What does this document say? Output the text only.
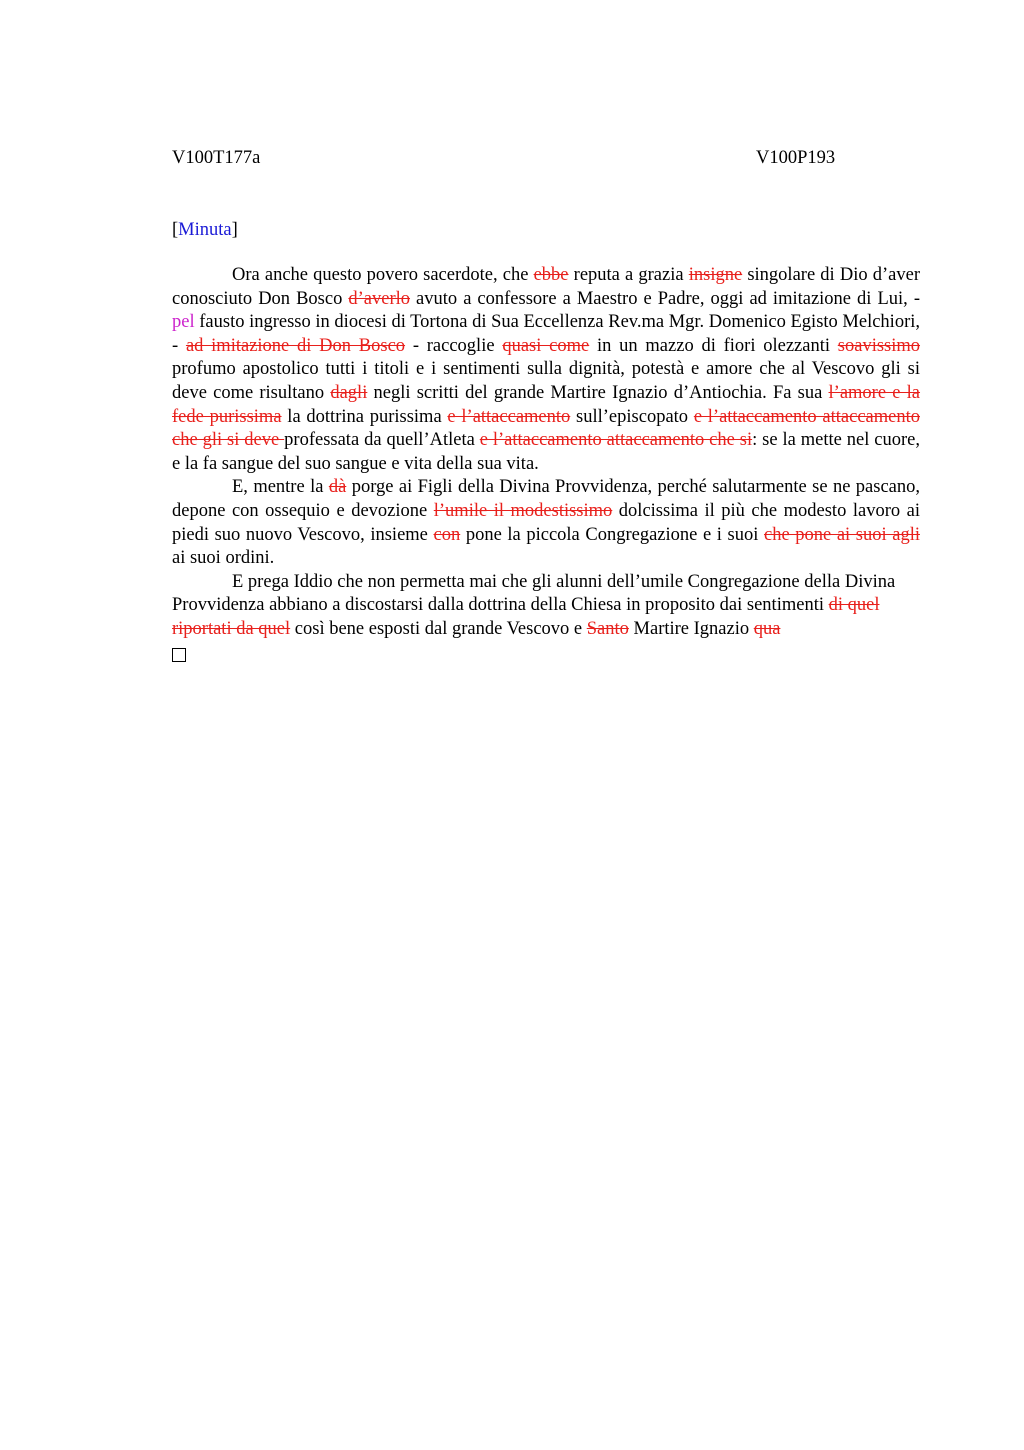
V100T177a	V100P193
[Minuta]

Ora anche questo povero sacerdote, che ebbe reputa a grazia insigne singolare di Dio d’aver conosciuto Don Bosco d’averlo avuto a confessore a Maestro e Padre, oggi ad imitazione di Lui, - pel fausto ingresso in diocesi di Tortona di Sua Eccellenza Rev.ma Mgr. Domenico Egisto Melchiori, - ad imitazione di Don Bosco - raccoglie quasi come in un mazzo di fiori olezzanti soavissimo profumo apostolico tutti i titoli e i sentimenti sulla dignità, potestà e amore che al Vescovo gli si deve come risultano dagli negli scritti del grande Martire Ignazio d’Antiochia. Fa sua l’amore e la fede purissima la dottrina purissima e l’attaccamento sull’episcopato e l’attaccamento attaccamento che gli si deve professata da quell’Atleta e l’attaccamento attaccamento che si: se la mette nel cuore, e la fa sangue del suo sangue e vita della sua vita.

E, mentre la dà porge ai Figli della Divina Provvidenza, perché salutarmente se ne pascano, depone con ossequio e devozione l’umile il modestissimo dolcissima il più che modesto lavoro ai piedi suo nuovo Vescovo, insieme con pone la piccola Congregazione e i suoi che pone ai suoi agli ai suoi ordini.

E prega Iddio che non permetta mai che gli alunni dell’umile Congregazione della Divina Provvidenza abbiano a discostarsi dalla dottrina della Chiesa in proposito dai sentimenti di quel riportati da quel così bene esposti dal grande Vescovo e Santo Martire Ignazio qua
